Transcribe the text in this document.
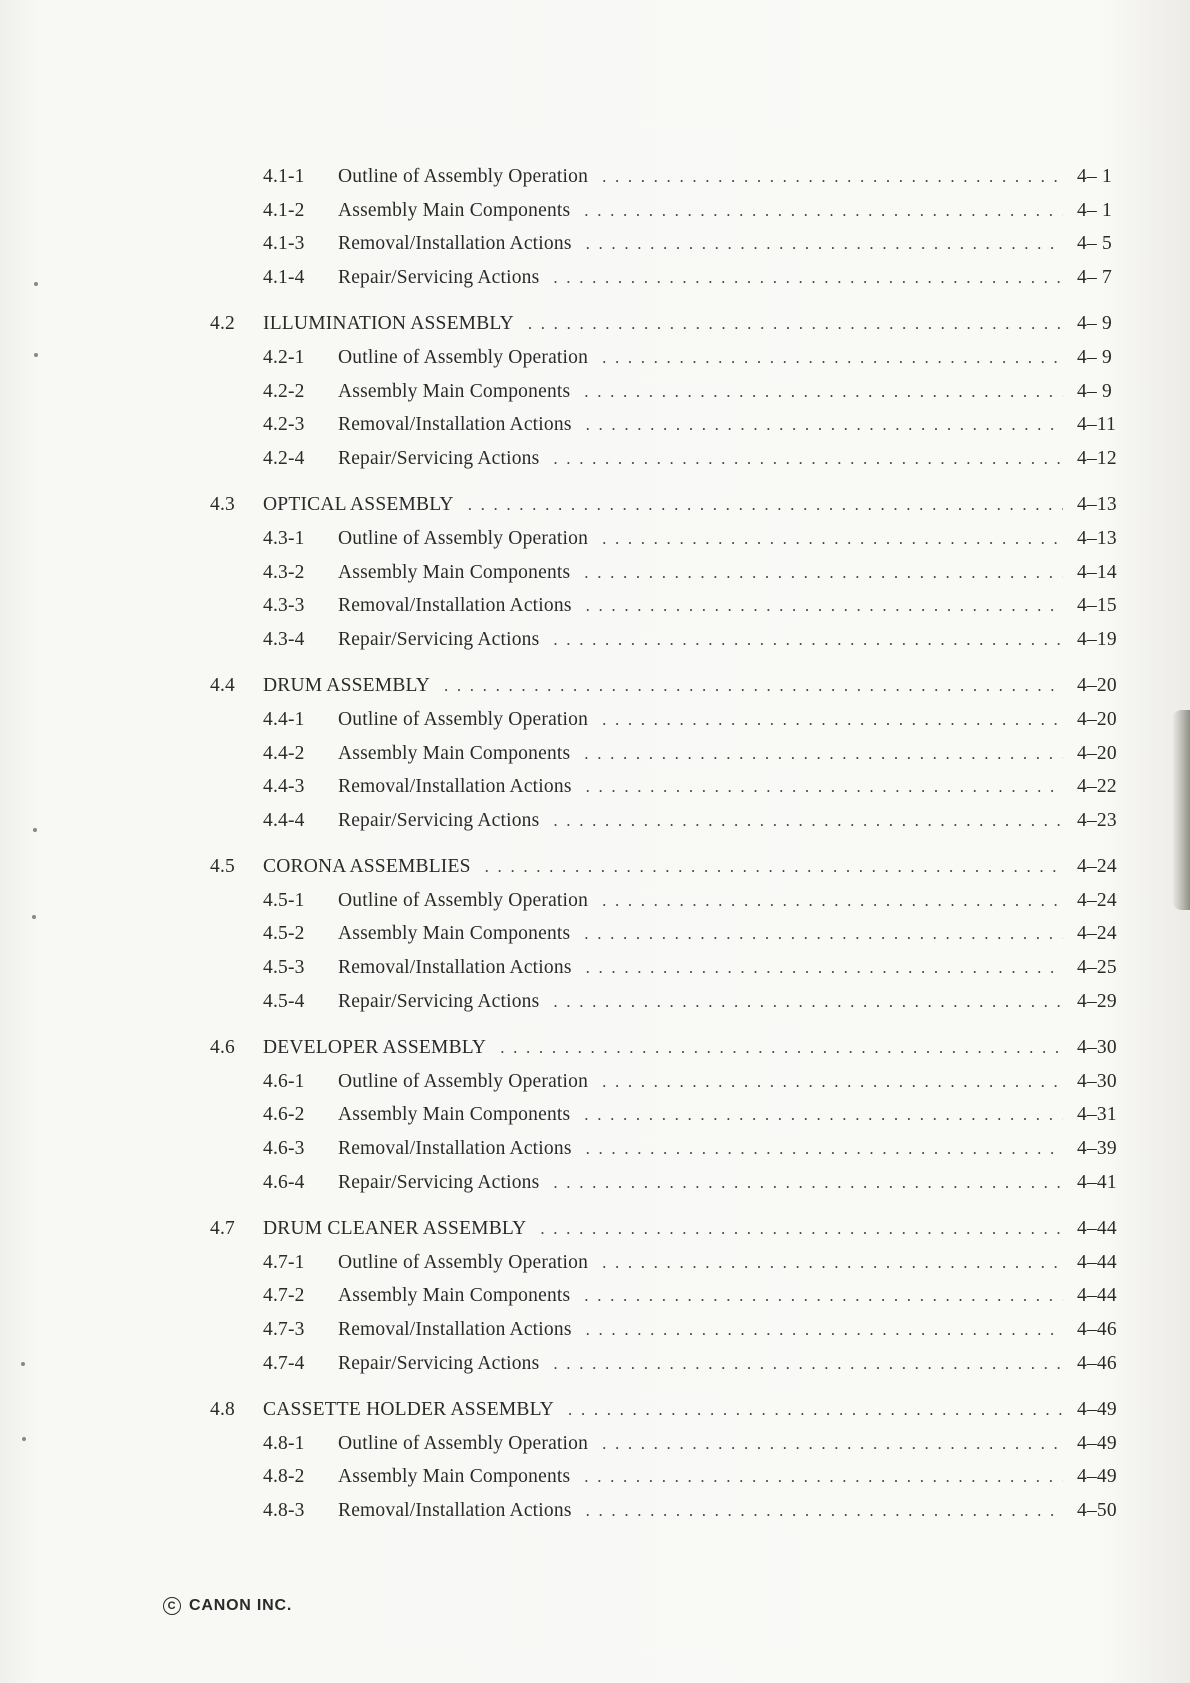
4.1-1	Outline of Assembly Operation . . .	4– 1
4.1-2	Assembly Main Components . . .	4– 1
4.1-3	Removal/Installation Actions . . .	4– 5
4.1-4	Repair/Servicing Actions . . .	4– 7
4.2	ILLUMINATION ASSEMBLY . . .	4– 9
4.2-1	Outline of Assembly Operation . . .	4– 9
4.2-2	Assembly Main Components . . .	4– 9
4.2-3	Removal/Installation Actions . . .	4–11
4.2-4	Repair/Servicing Actions . . .	4–12
4.3	OPTICAL ASSEMBLY . . .	4–13
4.3-1	Outline of Assembly Operation . . .	4–13
4.3-2	Assembly Main Components . . .	4–14
4.3-3	Removal/Installation Actions . . .	4–15
4.3-4	Repair/Servicing Actions . . .	4–19
4.4	DRUM ASSEMBLY . . .	4–20
4.4-1	Outline of Assembly Operation . . .	4–20
4.4-2	Assembly Main Components . . .	4–20
4.4-3	Removal/Installation Actions . . .	4–22
4.4-4	Repair/Servicing Actions . . .	4–23
4.5	CORONA ASSEMBLIES . . .	4–24
4.5-1	Outline of Assembly Operation . . .	4–24
4.5-2	Assembly Main Components . . .	4–24
4.5-3	Removal/Installation Actions . . .	4–25
4.5-4	Repair/Servicing Actions . . .	4–29
4.6	DEVELOPER ASSEMBLY . . .	4–30
4.6-1	Outline of Assembly Operation . . .	4–30
4.6-2	Assembly Main Components . . .	4–31
4.6-3	Removal/Installation Actions . . .	4–39
4.6-4	Repair/Servicing Actions . . .	4–41
4.7	DRUM CLEANER ASSEMBLY . . .	4–44
4.7-1	Outline of Assembly Operation . . .	4–44
4.7-2	Assembly Main Components . . .	4–44
4.7-3	Removal/Installation Actions . . .	4–46
4.7-4	Repair/Servicing Actions . . .	4–46
4.8	CASSETTE HOLDER ASSEMBLY . . .	4–49
4.8-1	Outline of Assembly Operation . . .	4–49
4.8-2	Assembly Main Components . . .	4–49
4.8-3	Removal/Installation Actions . . .	4–50
C
CANON INC.
